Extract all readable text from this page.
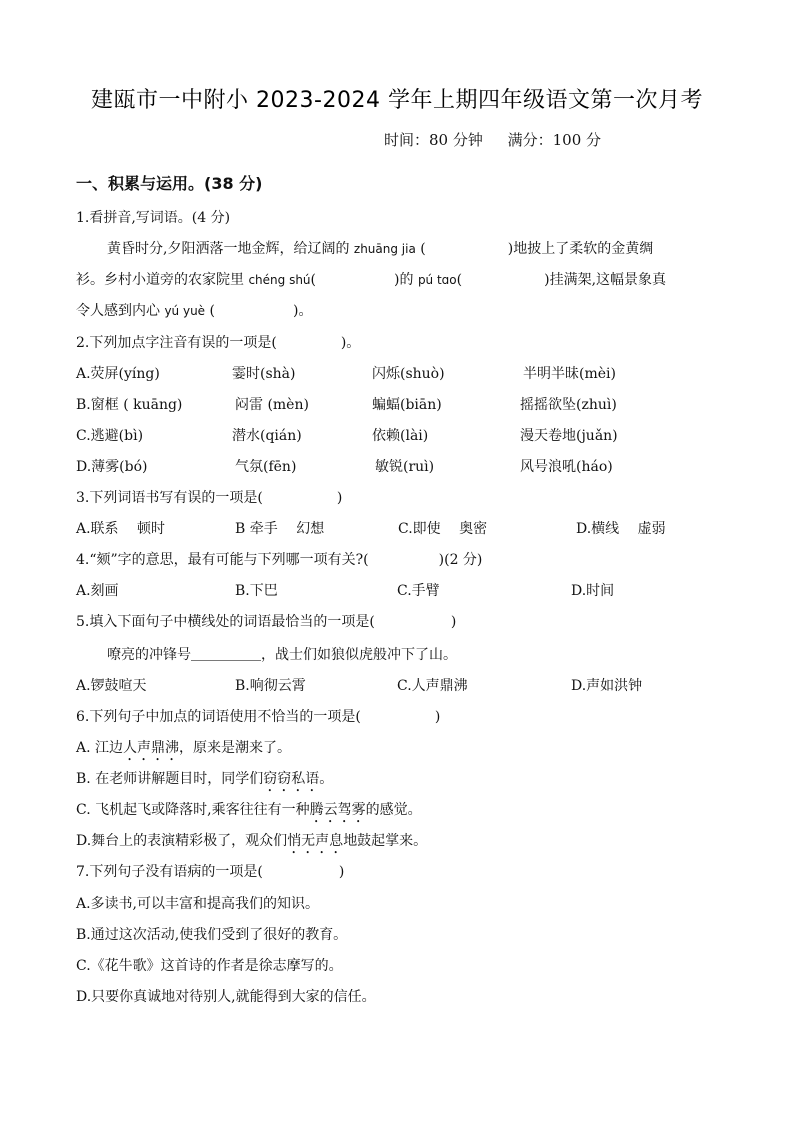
建瓯市一中附小 2023-2024 学年上期四年级语文第一次月考
时间：80 分钟 满分：100 分
一、积累与运用。(38 分)
1.看拼音,写词语。(4 分)
黄昏时分,夕阳洒落一地金辉，给辽阔的 zhuāng jia (	)地披上了柔软的金黄绸
衫。乡村小道旁的农家院里 chéng shú(	)的 pú tɑo(	)挂满架,这幅景象真
令人感到内心 yú yuè (	)。
2.下列加点字注音有误的一项是(	)。
A.荧屏(yíng)	霎时(shà)	闪烁(shuò)	半明半昧(mèi)
B.窗框 ( kuāng)	闷雷 (mèn)	蝙蝠(biān)	摇摇欲坠(zhuì)
C.逃避(bì)	潜水(qián)	依赖(lài)	漫天卷地(juǎn)
D.薄雾(bó)	气氛(fēn)	敏锐(ruì)	风号浪吼(háo)
3.下列词语书写有误的一项是(	)
A.联系　 顿时	B 牵手　 幻想	C.即使　 奥密	D.横线　 虚弱
4.“颏”字的意思，最有可能与下列哪一项有关?(	)(2 分)
A.刻画	B.下巴	C.手臂	D.时间
5.填入下面句子中横线处的词语最恰当的一项是(	)
嘹亮的冲锋号＿＿＿＿＿，战士们如狼似虎般冲下了山。
A.锣鼓喧天	B.响彻云霄	C.人声鼎沸	D.声如洪钟
6.下列句子中加点的词语使用不恰当的一项是(	)
A. 江边人声鼎沸，原来是潮来了。
B. 在老师讲解题目时，同学们窃窃私语。
C. 飞机起飞或降落时,乘客往往有一种腾云驾雾的感觉。
D.舞台上的表演精彩极了，观众们悄无声息地鼓起掌来。
7.下列句子没有语病的一项是(	)
A.多读书,可以丰富和提高我们的知识。
B.通过这次活动,使我们受到了很好的教育。
C.《花牛歌》这首诗的作者是徐志摩写的。
D.只要你真诚地对待别人,就能得到大家的信任。
